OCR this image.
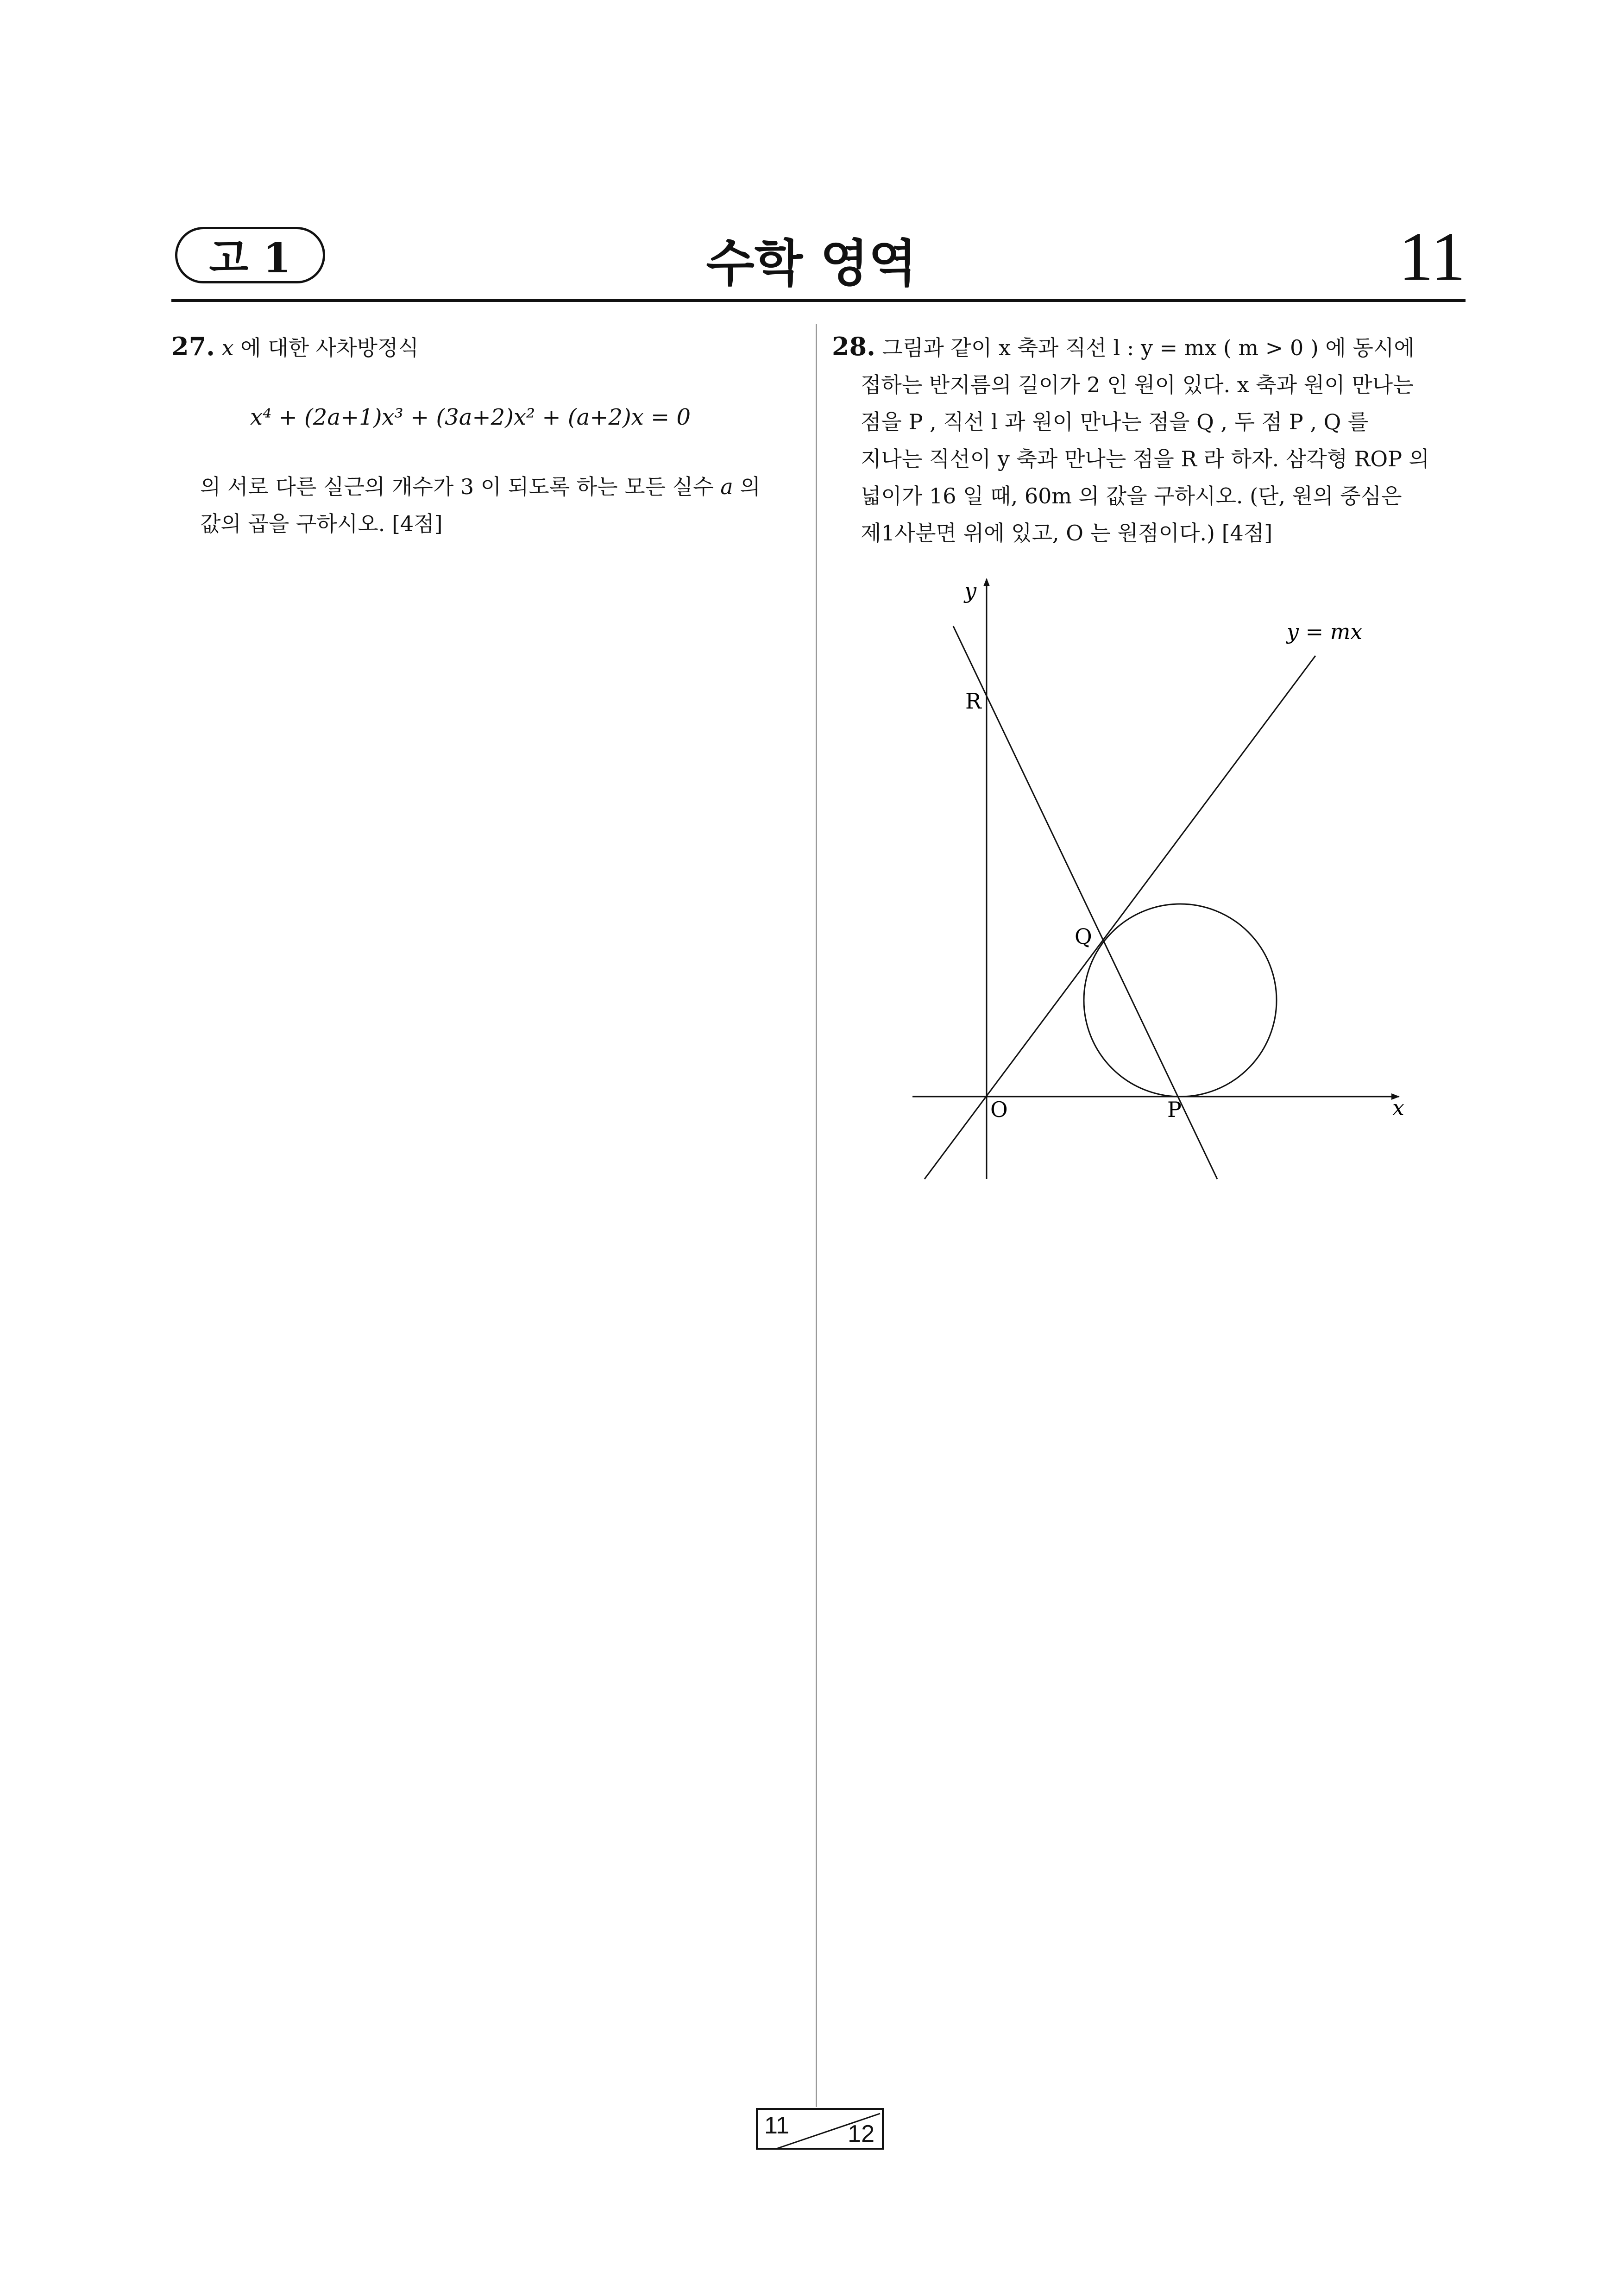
고 1	수학 영역	11

27. x 에 대한 사차방정식

x⁴ + (2a+1)x³ + (3a+2)x² + (a+2)x = 0

의 서로 다른 실근의 개수가 3 이 되도록 하는 모든 실수 a 의

값의 곱을 구하시오. [4점]

28. 그림과 같이 x 축과 직선 l : y = mx ( m > 0 ) 에 동시에

접하는 반지름의 길이가 2 인 원이 있다. x 축과 원이 만나는

점을 P , 직선 l 과 원이 만나는 점을 Q , 두 점 P , Q 를

지나는 직선이 y 축과 만나는 점을 R 라 하자. 삼각형 ROP 의

넓이가 16 일 때, 60m 의 값을 구하시오. (단, 원의 중심은

제1사분면 위에 있고, O 는 원점이다.) [4점]

y
x
y = mx
O	P
Q
R
11 12
